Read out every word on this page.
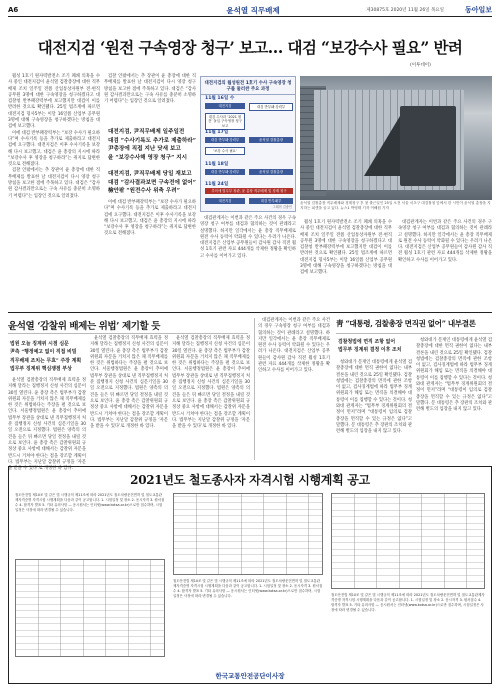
A6	윤석열 직무배제	제30875호 2020년 11월 26일 목요일	동아일보
대전지검 ‘원전 구속영장 청구’ 보고… 대검 “보강수사 필요” 반려
(이투데이)

월성 1호기 원자력발전소 조기 폐쇄 의혹을 수사 중인 대전지검이 윤석열 검찰총장에 대한 직무배제 조치 일주일 전쯤 산업통상자원부 전·현직 공무원 3명에 대한 구속영장을 청구하겠다고 대검찰청 반부패강력부에 보고했지만 대검이 이를 반려한 것으로 확인됐다. 25일 법조계에 따르면 대전지검 형사5부는 이달 16일쯤 산업부 공무원 3명에 대해 구속영장을 청구하겠다는 방침을 대검에 보고했다.

이에 대검 반부패강력부는 “보강 수사가 필요하다”며 수사기록 등을 추가로 제출하라고 대전지검에 요구했다. 대전지검은 이후 수사기록을 보강해 다시 보고했고, 대검은 윤 총장의 지시에 따라 “보강수사 후 영장을 청구하라”는 취지로 답변한 것으로 전해졌다.

검찰 안팎에서는 추 장관이 윤 총장에 대한 직무배제를 발표한 날 대전지검이 다시 영장 청구 방침을 보고한 점에 주목하고 있다. 대검은 “감사원 감사결과만으로는 구속 사유를 충분히 소명하기 어렵다”는 입장인 것으로 알려졌다.

검찰 안팎에서는 추 장관이 윤 총장에 대한 직무배제를 발표한 날 대전지검이 다시 영장 청구 방침을 보고한 점에 주목하고 있다. 대검은 “감사원 감사결과만으로는 구속 사유를 충분히 소명하기 어렵다”는 입장인 것으로 알려졌다.

대전지검, 尹직무배제 일주일전
대검 “수사기록도 추가로 제출하라”
尹총장에 직접 지난 닷새 보고
윤 “보강수사해 영장 청구” 지시
대전지검, 尹직무배제 당일 재보고
대검 “감사결과보면 구속전에 없어”
檢안팎 “원전수사 위축 우려”

이에 대검 반부패강력부는 “보강 수사가 필요하다”며 수사기록 등을 추가로 제출하라고 대전지검에 요구했다. 대전지검은 이후 수사기록을 보강해 다시 보고했고, 대검은 윤 총장의 지시에 따라 “보강수사 후 영장을 청구하라”는 취지로 답변한 것으로 전해졌다.

대전지검의 월성원전 1호기 수사 구속영장 청구를 둘러싼 주요 과정
11월 16일 수
대전지검	대검 반부패·강력부
대검 수사과 ‘2021 원전’ 돌입 구속영장 청구 보고
11월 17일
대검 반부패·강력부	윤석열 검찰총장
‘보강 수사 필요’
11월 18일
대검 반부패·강력부	윤석열 검찰총장
11월 24일
추미애 법무부 장관, 윤 총장 직무배제 및 징계 청구
대전지검	대검 반부패부
그래픽 김충민
윤석열 검찰총장 직무배제와 징계청구 후 첫 출근일인 25일 오전 서울 서초구 대검찰청 앞에서 한 시민이 윤석열 총장을 지지하는 피켓을 들고 있다. 뉴스1 박영태 기자 이해원 기자

대검관계자는 이번과 같은 주요 사건의 경우 구속영장 청구 여부를 대검과 협의하는 것이 관례라고 설명했다. 하지만 일각에서는 윤 총장 직무배제로 원전 수사 동력이 약화될 수 있다는 우려가 나온다. 대전지검은 산업부 공무원들이 감사원 감사 직전 월성 1호기 관련 자료 444개를 삭제한 정황을 확인하고 수사를 이어가고 있다.

월성 1호기 원자력발전소 조기 폐쇄 의혹을 수사 중인 대전지검이 윤석열 검찰총장에 대한 직무배제 조치 일주일 전쯤 산업통상자원부 전·현직 공무원 3명에 대한 구속영장을 청구하겠다고 대검찰청 반부패강력부에 보고했지만 대검이 이를 반려한 것으로 확인됐다. 25일 법조계에 따르면 대전지검 형사5부는 이달 16일쯤 산업부 공무원 3명에 대해 구속영장을 청구하겠다는 방침을 대검에 보고했다.

대검관계자는 이번과 같은 주요 사건의 경우 구속영장 청구 여부를 대검과 협의하는 것이 관례라고 설명했다. 하지만 일각에서는 윤 총장 직무배제로 원전 수사 동력이 약화될 수 있다는 우려가 나온다. 대전지검은 산업부 공무원들이 감사원 감사 직전 월성 1호기 관련 자료 444개를 삭제한 정황을 확인하고 수사를 이어가고 있다.

윤석열 ‘감찰위 배제는 위법’ 제기할 듯
법원 오늘 징계위 시점 심문
尹측 “행정예고 없이 직접 비밀
직무배제 조치는 무효” 주장 계획
법무부 징계위 핵심쟁점 부상

윤석열 검찰총장의 직무배제 효력을 정지해 달라는 집행정지 신청 사건의 심문이 30일 열린다. 윤 총장 측은 법무부가 감찰위원회 자문을 거치지 않은 채 직무배제를 한 것은 위법하다는 주장을 펼 것으로 보인다. 서울행정법원은 윤 총장이 추미애 법무부 장관을 상대로 낸 직무집행정지 처분 집행정지 신청 사건의 심문기일을 30일 오전으로 지정했다. 법원은 양측의 의견을 들은 뒤 빠르면 당일 결정을 내릴 것으로 보인다. 윤 총장 측은 감찰위원회 규정상 중요 사항에 대해서는 감찰위 자문을 반드시 거쳐야 한다는 점을 강조할 계획이다. 법무부는 지난달 감찰위 규정을 ‘자문을 받을 수 있다’로 개정한 바 있다.

윤석열 검찰총장의 직무배제 효력을 정지해 달라는 집행정지 신청 사건의 심문이 30일 열린다. 윤 총장 측은 법무부가 감찰위원회 자문을 거치지 않은 채 직무배제를 한 것은 위법하다는 주장을 펼 것으로 보인다. 서울행정법원은 윤 총장이 추미애 법무부 장관을 상대로 낸 직무집행정지 처분 집행정지 신청 사건의 심문기일을 30일 오전으로 지정했다. 법원은 양측의 의견을 들은 뒤 빠르면 당일 결정을 내릴 것으로 보인다. 윤 총장 측은 감찰위원회 규정상 중요 사항에 대해서는 감찰위 자문을 반드시 거쳐야 한다는 점을 강조할 계획이다. 법무부는 지난달 감찰위 규정을 ‘자문을 받을 수 있다’로 개정한 바 있다.

윤석열 검찰총장의 직무배제 효력을 정지해 달라는 집행정지 신청 사건의 심문이 30일 열린다. 윤 총장 측은 법무부가 감찰위원회 자문을 거치지 않은 채 직무배제를 한 것은 위법하다는 주장을 펼 것으로 보인다. 서울행정법원은 윤 총장이 추미애 법무부 장관을 상대로 낸 직무집행정지 처분 집행정지 신청 사건의 심문기일을 30일 오전으로 지정했다. 법원은 양측의 의견을 들은 뒤 빠르면 당일 결정을 내릴 것으로 보인다. 윤 총장 측은 감찰위원회 규정상 중요 사항에 대해서는 감찰위 자문을 반드시 거쳐야 한다는 점을 강조할 계획이다. 법무부는 지난달 감찰위 규정을 ‘자문을 받을 수 있다’로 개정한 바 있다.

대검관계자는 이번과 같은 주요 사건의 경우 구속영장 청구 여부를 대검과 협의하는 것이 관례라고 설명했다. 하지만 일각에서는 윤 총장 직무배제로 원전 수사 동력이 약화될 수 있다는 우려가 나온다. 대전지검은 산업부 공무원들이 감사원 감사 직전 월성 1호기 관련 자료 444개를 삭제한 정황을 확인하고 수사를 이어가고 있다.

靑 “대통령, 검찰총장 면직권 없어” 내부결론
검찰청법에 면직 조항 없어
법무부 징계위 결정 이후 조치

청와대가 문재인 대통령에게 윤석열 검찰총장에 대한 면직 권한이 없다는 내부 결론을 내린 것으로 25일 확인됐다. 검찰청법에는 검찰총장의 면직에 관한 조항이 없고, 검사징계법에 따라 법무부 징계위원회가 해임 또는 면직을 의결해야 대통령이 이를 집행할 수 있다는 것이다. 청와대 관계자는 “법무부 징계위원회의 결정이 먼저”라며 “대통령이 임의로 검찰총장을 면직할 수 있는 규정은 없다”고 말했다. 문 대통령은 추 장관의 조치와 관련해 별도의 입장을 내지 않고 있다.

청와대가 문재인 대통령에게 윤석열 검찰총장에 대한 면직 권한이 없다는 내부 결론을 내린 것으로 25일 확인됐다. 검찰청법에는 검찰총장의 면직에 관한 조항이 없고, 검사징계법에 따라 법무부 징계위원회가 해임 또는 면직을 의결해야 대통령이 이를 집행할 수 있다는 것이다. 청와대 관계자는 “법무부 징계위원회의 결정이 먼저”라며 “대통령이 임의로 검찰총장을 면직할 수 있는 규정은 없다”고 말했다. 문 대통령은 추 장관의 조치와 관련해 별도의 입장을 내지 않고 있다.

2021년도 철도종사자 자격시험 시행계획 공고
철도안전법 제10조 및 같은 법 시행규칙 제11조에 따라 2021년도 철도차량운전면허 및 철도교통관제자격증명 자격시험 시행계획을 다음과 같이 공고합니다. 1. 시험일정 및 장소 2. 응시자격 3. 원서접수 4. 합격자 발표 5. 기타 유의사항 — 응시원서는 인터넷(www.kotsa.or.kr)으로만 접수하며, 시험일정은 사정에 따라 변경될 수 있습니다.
철도안전법 제10조 및 같은 법 시행규칙 제11조에 따라 2021년도 철도차량운전면허 및 철도교통관제자격증명 자격시험 시행계획을 다음과 같이 공고합니다. 1. 시험일정 및 장소 2. 응시자격 3. 원서접수 4. 합격자 발표 5. 기타 유의사항 — 응시원서는 인터넷(www.kotsa.or.kr)으로만 접수하며, 시험일정은 사정에 따라 변경될 수 있습니다.	철도안전법 제10조 및 같은 법 시행규칙 제11조에 따라 2021년도 철도차량운전면허 및 철도교통관제자격증명 자격시험 시행계획을 다음과 같이 공고합니다. 1. 시험일정 및 장소 2. 응시자격 3. 원서접수 4. 합격자 발표 5. 기타 유의사항 — 응시원서는 인터넷(www.kotsa.or.kr)으로만 접수하며, 시험일정은 사정에 따라 변경될 수 있습니다.
한국교통안전공단이사장
